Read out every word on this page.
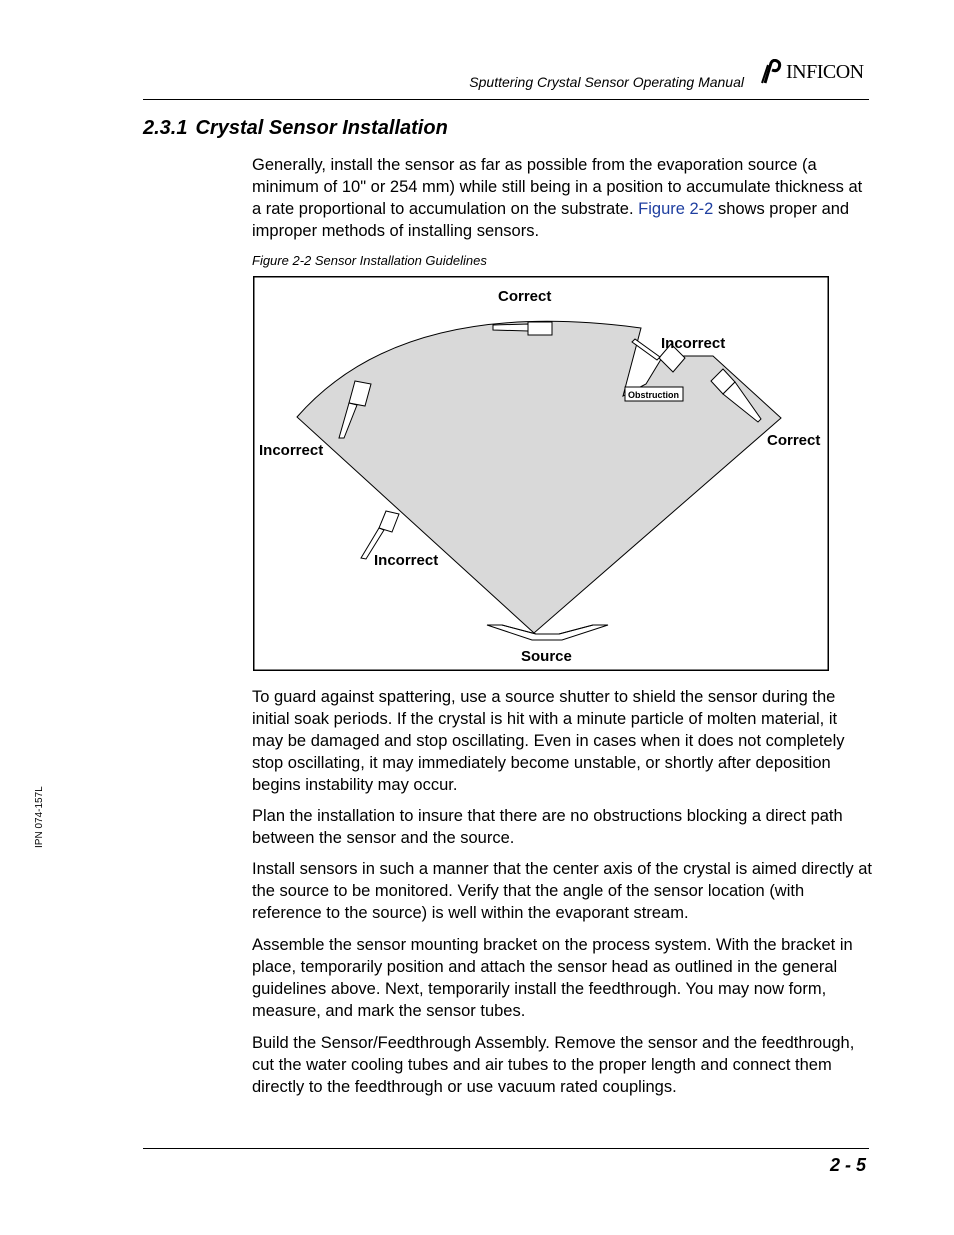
Sputtering Crystal Sensor Operating Manual INFICON
2.3.1 Crystal Sensor Installation

Generally, install the sensor as far as possible from the evaporation source (a minimum of 10" or 254 mm) while still being in a position to accumulate thickness at a rate proportional to accumulation on the substrate. Figure 2-2 shows proper and improper methods of installing sensors.

Figure 2-2 Sensor Installation Guidelines
Correct
Incorrect
Obstruction
Correct
Incorrect
Incorrect
Source

To guard against spattering, use a source shutter to shield the sensor during the initial soak periods. If the crystal is hit with a minute particle of molten material, it may be damaged and stop oscillating. Even in cases when it does not completely stop oscillating, it may immediately become unstable, or shortly after deposition begins instability may occur.

Plan the installation to insure that there are no obstructions blocking a direct path between the sensor and the source.

Install sensors in such a manner that the center axis of the crystal is aimed directly at the source to be monitored. Verify that the angle of the sensor location (with reference to the source) is well within the evaporant stream.

Assemble the sensor mounting bracket on the process system. With the bracket in place, temporarily position and attach the sensor head as outlined in the general guidelines above. Next, temporarily install the feedthrough. You may now form, measure, and mark the sensor tubes.

Build the Sensor/Feedthrough Assembly. Remove the sensor and the feedthrough, cut the water cooling tubes and air tubes to the proper length and connect them directly to the feedthrough or use vacuum rated couplings.

IPN 074-157L
2 - 5
